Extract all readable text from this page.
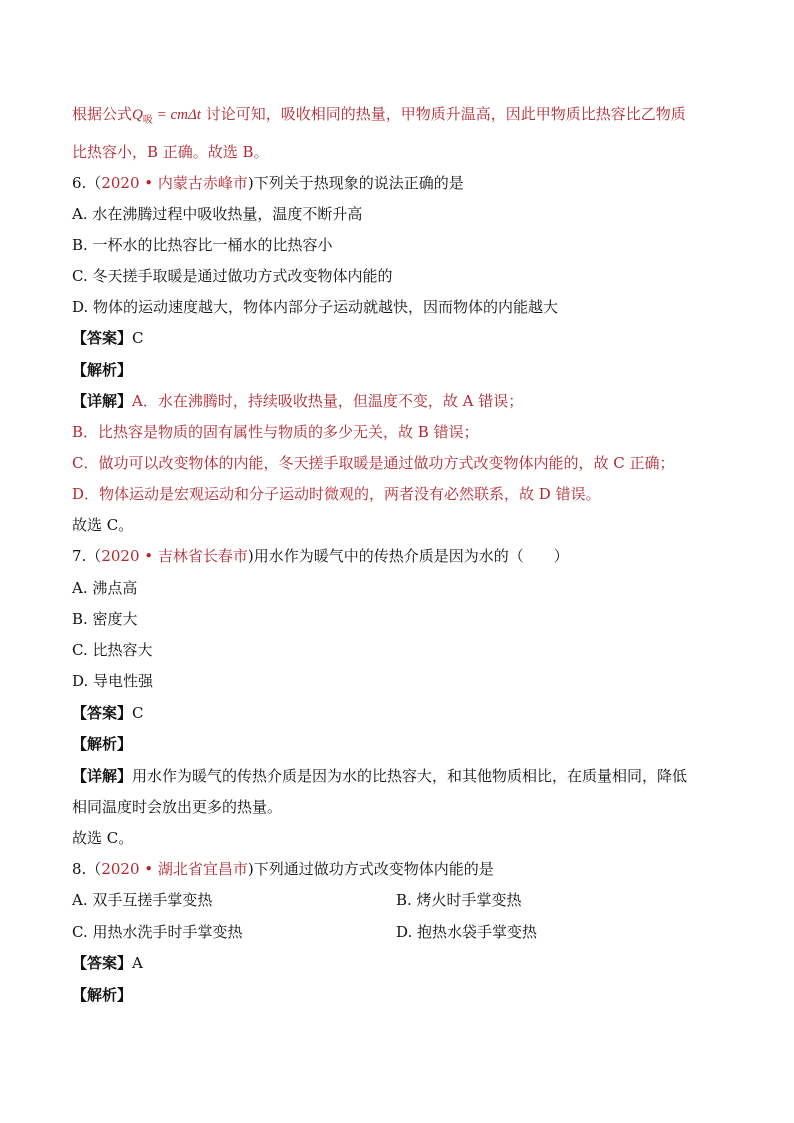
根据公式$Q_吸 = cm\Delta t$ 讨论可知，吸收相同的热量，甲物质升温高，因此甲物质比热容比乙物质
比热容小，B 正确。故选 B。
6.（2020 • 内蒙古赤峰市)下列关于热现象的说法正确的是
A. 水在沸腾过程中吸收热量，温度不断升高
B. 一杯水的比热容比一桶水的比热容小
C. 冬天搓手取暖是通过做功方式改变物体内能的
D. 物体的运动速度越大，物体内部分子运动就越快，因而物体的内能越大
【答案】C
【解析】
【详解】A．水在沸腾时，持续吸收热量，但温度不变，故 A 错误；
B．比热容是物质的固有属性与物质的多少无关，故 B 错误；
C．做功可以改变物体的内能，冬天搓手取暖是通过做功方式改变物体内能的，故 C 正确；
D．物体运动是宏观运动和分子运动时微观的，两者没有必然联系，故 D 错误。
故选 C。
7.（2020 • 吉林省长春市)用水作为暖气中的传热介质是因为水的（　　）
A. 沸点高
B. 密度大
C. 比热容大
D. 导电性强
【答案】C
【解析】
【详解】用水作为暖气的传热介质是因为水的比热容大，和其他物质相比，在质量相同，降低
相同温度时会放出更多的热量。
故选 C。
8.（2020 • 湖北省宜昌市)下列通过做功方式改变物体内能的是
A. 双手互搓手掌变热	B. 烤火时手掌变热
C. 用热水洗手时手掌变热	D. 抱热水袋手掌变热
【答案】A
【解析】
